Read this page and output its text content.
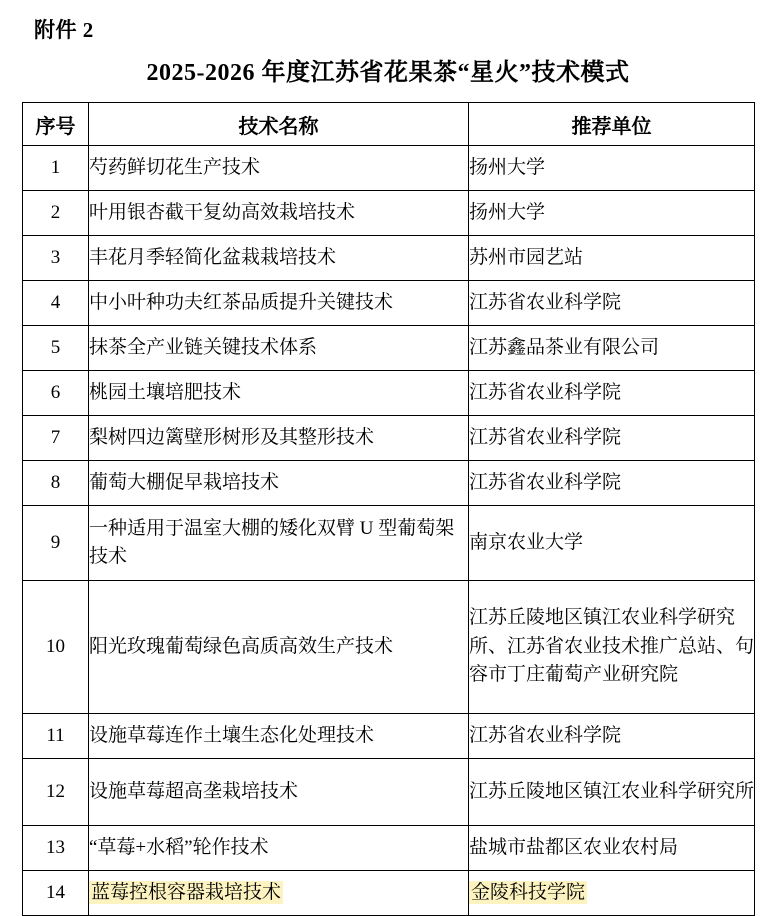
附件 2
2025-2026 年度江苏省花果茶“星火”技术模式
序号	技术名称	推荐单位
1	芍药鲜切花生产技术	扬州大学
2	叶用银杏截干复幼高效栽培技术	扬州大学
3	丰花月季轻简化盆栽栽培技术	苏州市园艺站
4	中小叶种功夫红茶品质提升关键技术	江苏省农业科学院
5	抹茶全产业链关键技术体系	江苏鑫品茶业有限公司
6	桃园土壤培肥技术	江苏省农业科学院
7	梨树四边篱壁形树形及其整形技术	江苏省农业科学院
8	葡萄大棚促早栽培技术	江苏省农业科学院
9	一种适用于温室大棚的矮化双臂 U 型葡萄架技术	南京农业大学
10	阳光玫瑰葡萄绿色高质高效生产技术	江苏丘陵地区镇江农业科学研究所、江苏省农业技术推广总站、句容市丁庄葡萄产业研究院
11	设施草莓连作土壤生态化处理技术	江苏省农业科学院
12	设施草莓超高垄栽培技术	江苏丘陵地区镇江农业科学研究所
13	“草莓+水稻”轮作技术	盐城市盐都区农业农村局
14	蓝莓控根容器栽培技术	金陵科技学院
